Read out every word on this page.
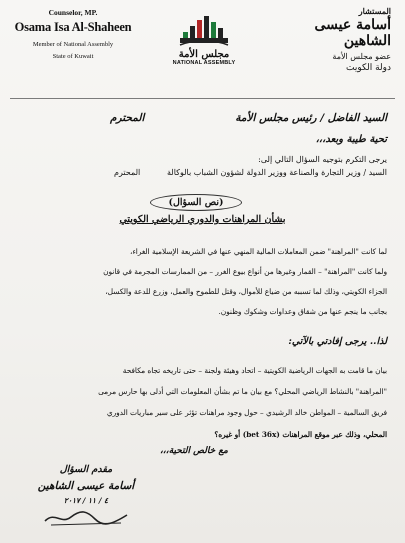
Counselor, MP.
Osama Isa Al-Shaheen
Member of National Assembly
State of Kuwait	مجلس الأمة
NATIONAL ASSEMBLY
المستشار
أسامة عيسى الشاهين
عضو مجلس الأمة
دولة الكويت
السيد الفاضل / رئيس مجلس الأمة
المحترم
تحية طيبة وبعد،،،
يرجى التكرم بتوجيه السؤال التالي إلى:
السيد / وزير التجارة والصناعة ووزير الدولة لشؤون الشباب بالوكالة
المحترم
(نص السؤال)
بشأن المراهنات والدوري الرياضي الكويتي
لما كانت "المراهنة" ضمن المعاملات المالية المنهي عنها في الشريعة الإسلامية الغراء،
ولما كانت "المراهنة" – القمار وغيرها من أنواع بيوع الغرر – من الممارسات المجرمة في قانون
الجزاء الكويتي، وذلك لما تسببه من ضياع للأموال، وقتل للطموح والعمل، وزرع للدعة والكسل،
بجانب ما ينجم عنها من شقاق وعداوات وشكوك وظنون.
لذا.. يرجى إفادتي بالآتي:
بيان ما قامت به الجهات الرياضية الكويتية – اتحاد وهيئة ولجنة – حتى تاريخه تجاه مكافحة
"المراهنة" بالنشاط الرياضي المحلي؟ مع بيان ما تم بشأن المعلومات التي أدلى بها حارس مرمى
فريق السالمية – المواطن خالد الرشيدي – حول وجود مراهنات تؤثر على سير مباريات الدوري
المحلي، وذلك عبر موقع المراهنات (bet 36x) أو غيره؟
مع خالص التحية،،،
مقدم السؤال
أسامة عيسى الشاهين
٤ / ١١ / ٢٠١٧
